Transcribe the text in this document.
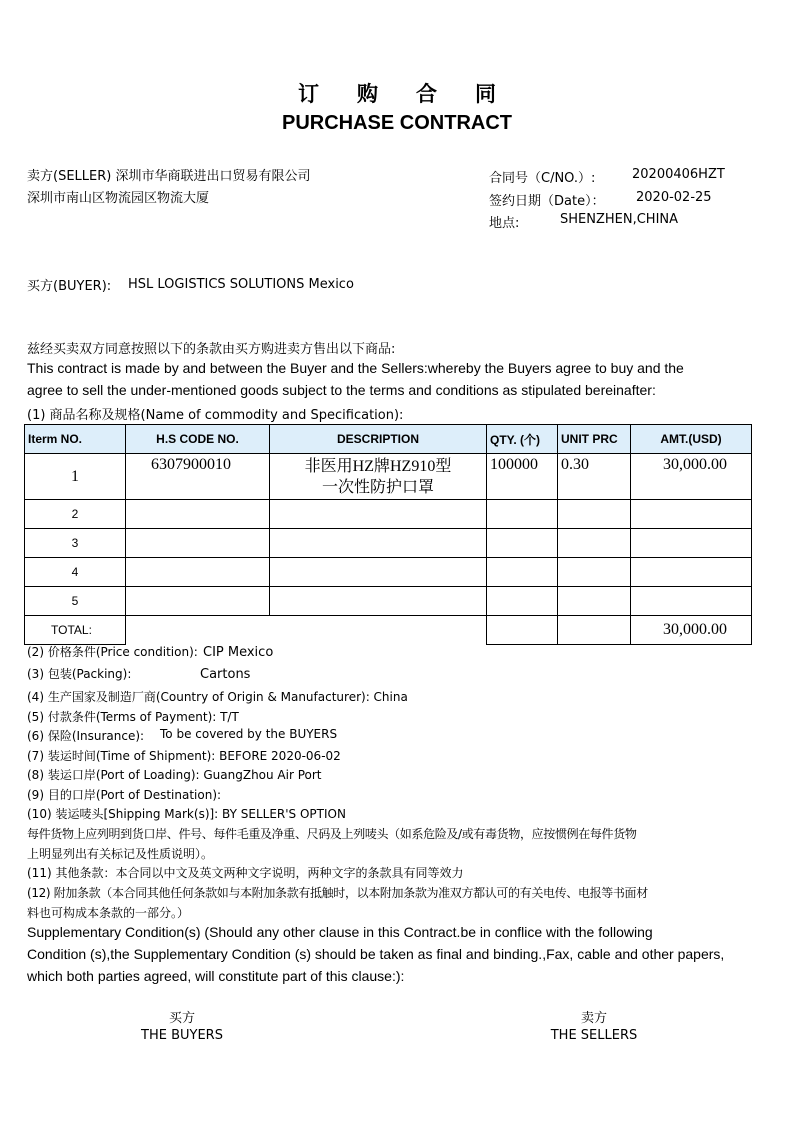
订购合同
PURCHASE CONTRACT
卖方(SELLER) 深圳市华商联进出口贸易有限公司
深圳市南山区物流园区物流大厦
合同号（C/NO.）:	20200406HZT
签约日期（Date）： 2020-02-25
地点:	SHENZHEN,CHINA
买方(BUYER): HSL LOGISTICS SOLUTIONS Mexico
兹经买卖双方同意按照以下的条款由买方购进卖方售出以下商品:
This contract is made by and between the Buyer and the Sellers:whereby the Buyers agree to buy and the
agree to sell the under-mentioned goods subject to the terms and conditions as stipulated bereinafter:
(1) 商品名称及规格(Name of commodity and Specification):
Iterm NO.	H.S CODE NO.	DESCRIPTION	QTY. (个)	UNIT PRC	AMT.(USD)
1	6307900010	非医用HZ牌HZ910型
一次性防护口罩	100000	0.30	30,000.00
2					
3					
4					
5					
TOTAL:					30,000.00
(2) 价格条件(Price condition): CIP Mexico
(3) 包装(Packing):	Cartons
(4) 生产国家及制造厂商(Country of Origin & Manufacturer): China
(5) 付款条件(Terms of Payment): T/T
(6) 保险(Insurance): To be covered by the BUYERS
(7) 装运时间(Time of Shipment): BEFORE 2020-06-02
(8) 装运口岸(Port of Loading): GuangZhou Air Port
(9) 目的口岸(Port of Destination):
(10) 装运唛头[Shipping Mark(s)]: BY SELLER'S OPTION
每件货物上应列明到货口岸、件号、每件毛重及净重、尺码及上列唛头（如系危险及/或有毒货物，应按惯例在每件货物
上明显列出有关标记及性质说明）。
(11) 其他条款：本合同以中文及英文两种文字说明，两种文字的条款具有同等效力
(12) 附加条款（本合同其他任何条款如与本附加条款有抵触时，以本附加条款为准双方都认可的有关电传、电报等书面材
料也可构成本条款的一部分。）
Supplementary Condition(s) (Should any other clause in this Contract.be in conflice with the following
Condition (s),the Supplementary Condition (s) should be taken as final and binding.,Fax, cable and other papers,
which both parties agreed, will constitute part of this clause:):
买方
THE BUYERS
卖方
THE SELLERS
